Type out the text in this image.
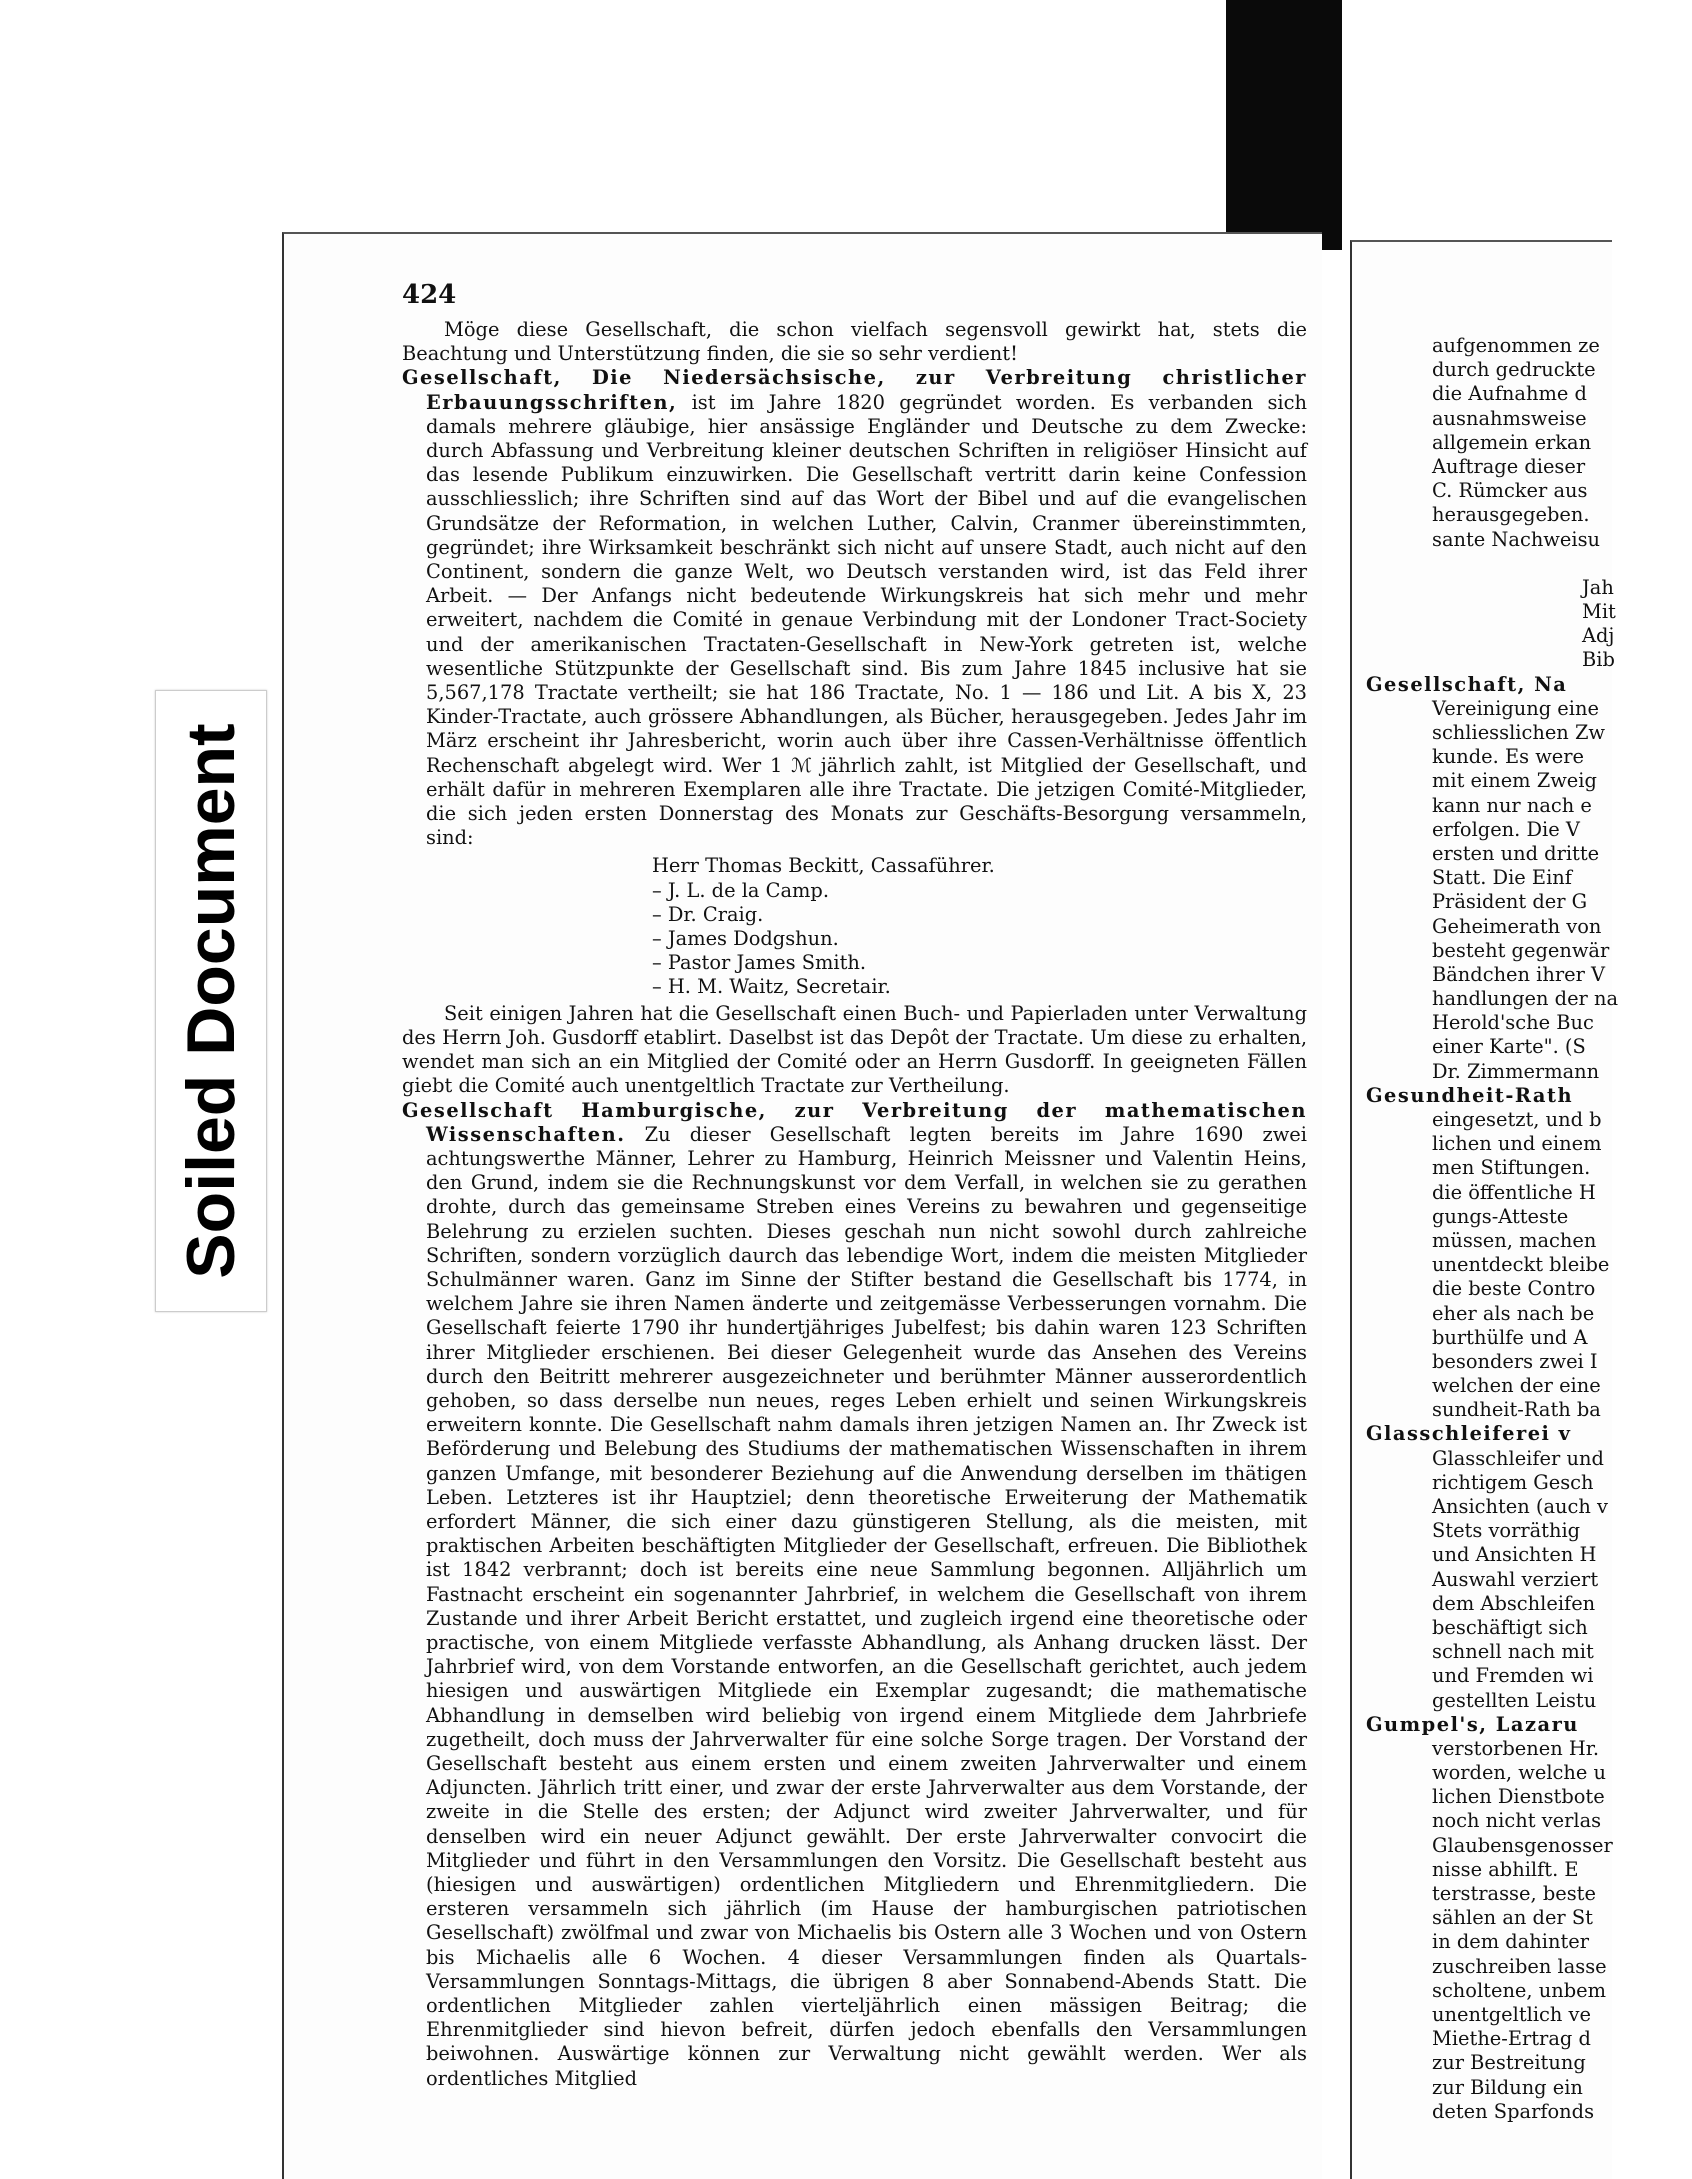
Soiled Document
424

Möge diese Gesellschaft, die schon vielfach segensvoll gewirkt hat, stets die Beachtung und Unterstützung finden, die sie so sehr verdient!

Gesellschaft, Die Niedersächsische, zur Verbreitung christlicher Erbauungsschriften, ist im Jahre 1820 gegründet worden. Es verbanden sich damals mehrere gläubige, hier ansässige Engländer und Deutsche zu dem Zwecke: durch Abfassung und Verbreitung kleiner deutschen Schriften in religiöser Hinsicht auf das lesende Publikum einzuwirken. Die Gesellschaft vertritt darin keine Confession ausschliesslich; ihre Schriften sind auf das Wort der Bibel und auf die evangelischen Grundsätze der Reformation, in welchen Luther, Calvin, Cranmer übereinstimmten, gegründet; ihre Wirksamkeit beschränkt sich nicht auf unsere Stadt, auch nicht auf den Continent, sondern die ganze Welt, wo Deutsch verstanden wird, ist das Feld ihrer Arbeit. — Der Anfangs nicht bedeutende Wirkungskreis hat sich mehr und mehr erweitert, nachdem die Comité in genaue Verbindung mit der Londoner Tract-Society und der amerikanischen Tractaten-Gesellschaft in New-York getreten ist, welche wesentliche Stützpunkte der Gesellschaft sind. Bis zum Jahre 1845 inclusive hat sie 5,567,178 Tractate vertheilt; sie hat 186 Tractate, No. 1 — 186 und Lit. A bis X, 23 Kinder-Tractate, auch grössere Abhandlungen, als Bücher, herausgegeben. Jedes Jahr im März erscheint ihr Jahresbericht, worin auch über ihre Cassen-Verhältnisse öffentlich Rechenschaft abgelegt wird. Wer 1 ℳ jährlich zahlt, ist Mitglied der Gesellschaft, und erhält dafür in mehreren Exemplaren alle ihre Tractate. Die jetzigen Comité-Mitglieder, die sich jeden ersten Donnerstag des Monats zur Geschäfts-Besorgung versammeln, sind:

Herr Thomas Beckitt, Cassaführer.
– J. L. de la Camp.
– Dr. Craig.
– James Dodgshun.
– Pastor James Smith.
– H. M. Waitz, Secretair.

Seit einigen Jahren hat die Gesellschaft einen Buch- und Papierladen unter Verwaltung des Herrn Joh. Gusdorff etablirt. Daselbst ist das Depôt der Tractate. Um diese zu erhalten, wendet man sich an ein Mitglied der Comité oder an Herrn Gusdorff. In geeigneten Fällen giebt die Comité auch unentgeltlich Tractate zur Vertheilung.

Gesellschaft Hamburgische, zur Verbreitung der mathematischen Wissenschaften. Zu dieser Gesellschaft legten bereits im Jahre 1690 zwei achtungswerthe Männer, Lehrer zu Hamburg, Heinrich Meissner und Valentin Heins, den Grund, indem sie die Rechnungskunst vor dem Verfall, in welchen sie zu gerathen drohte, durch das gemeinsame Streben eines Vereins zu bewahren und gegenseitige Belehrung zu erzielen suchten. Dieses geschah nun nicht sowohl durch zahlreiche Schriften, sondern vorzüglich daurch das lebendige Wort, indem die meisten Mitglieder Schulmänner waren. Ganz im Sinne der Stifter bestand die Gesellschaft bis 1774, in welchem Jahre sie ihren Namen änderte und zeitgemässe Verbesserungen vornahm. Die Gesellschaft feierte 1790 ihr hundertjähriges Jubelfest; bis dahin waren 123 Schriften ihrer Mitglieder erschienen. Bei dieser Gelegenheit wurde das Ansehen des Vereins durch den Beitritt mehrerer ausgezeichneter und berühmter Männer ausserordentlich gehoben, so dass derselbe nun neues, reges Leben erhielt und seinen Wirkungskreis erweitern konnte. Die Gesellschaft nahm damals ihren jetzigen Namen an. Ihr Zweck ist Beförderung und Belebung des Studiums der mathematischen Wissenschaften in ihrem ganzen Umfange, mit besonderer Beziehung auf die Anwendung derselben im thätigen Leben. Letzteres ist ihr Hauptziel; denn theoretische Erweiterung der Mathematik erfordert Männer, die sich einer dazu günstigeren Stellung, als die meisten, mit praktischen Arbeiten beschäftigten Mitglieder der Gesellschaft, erfreuen. Die Bibliothek ist 1842 verbrannt; doch ist bereits eine neue Sammlung begonnen. Alljährlich um Fastnacht erscheint ein sogenannter Jahrbrief, in welchem die Gesellschaft von ihrem Zustande und ihrer Arbeit Bericht erstattet, und zugleich irgend eine theoretische oder practische, von einem Mitgliede verfasste Abhandlung, als Anhang drucken lässt. Der Jahrbrief wird, von dem Vorstande entworfen, an die Gesellschaft gerichtet, auch jedem hiesigen und auswärtigen Mitgliede ein Exemplar zugesandt; die mathematische Abhandlung in demselben wird beliebig von irgend einem Mitgliede dem Jahrbriefe zugetheilt, doch muss der Jahrverwalter für eine solche Sorge tragen. Der Vorstand der Gesellschaft besteht aus einem ersten und einem zweiten Jahrverwalter und einem Adjuncten. Jährlich tritt einer, und zwar der erste Jahrverwalter aus dem Vorstande, der zweite in die Stelle des ersten; der Adjunct wird zweiter Jahrverwalter, und für denselben wird ein neuer Adjunct gewählt. Der erste Jahrverwalter convocirt die Mitglieder und führt in den Versammlungen den Vorsitz. Die Gesellschaft besteht aus (hiesigen und auswärtigen) ordentlichen Mitgliedern und Ehrenmitgliedern. Die ersteren versammeln sich jährlich (im Hause der hamburgischen patriotischen Gesellschaft) zwölfmal und zwar von Michaelis bis Ostern alle 3 Wochen und von Ostern bis Michaelis alle 6 Wochen. 4 dieser Versammlungen finden als Quartals-Versammlungen Sonntags-Mittags, die übrigen 8 aber Sonnabend-Abends Statt. Die ordentlichen Mitglieder zahlen vierteljährlich einen mässigen Beitrag; die Ehrenmitglieder sind hievon befreit, dürfen jedoch ebenfalls den Versammlungen beiwohnen. Auswärtige können zur Verwaltung nicht gewählt werden. Wer als ordentliches Mitglied

aufgenommen ze
durch gedruckte
die Aufnahme d
ausnahmsweise
allgemein erkan
Auftrage dieser
C. Rümcker aus
herausgegeben.
sante Nachweisu
Jah
Mit
Adj
Bib
Gesellschaft, Na
Vereinigung eine
schliesslichen Zw
kunde. Es were
mit einem Zweig
kann nur nach e
erfolgen. Die V
ersten und dritte
Statt. Die Einf
Präsident der G
Geheimerath von
besteht gegenwär
Bändchen ihrer V
handlungen der na
Herold'sche Buc
einer Karte". (S
Dr. Zimmermann
Gesundheit-Rath
eingesetzt, und b
lichen und einem
men Stiftungen.
die öffentliche H
gungs-Atteste
müssen, machen
unentdeckt bleibe
die beste Contro
eher als nach be
burthülfe und A
besonders zwei I
welchen der eine
sundheit-Rath ba
Glasschleiferei v
Glasschleifer und
richtigem Gesch
Ansichten (auch v
Stets vorräthig
und Ansichten H
Auswahl verziert
dem Abschleifen
beschäftigt sich
schnell nach mit
und Fremden wi
gestellten Leistu
Gumpel's, Lazaru
verstorbenen Hr.
worden, welche u
lichen Dienstbote
noch nicht verlas
Glaubensgenosser
nisse abhilft. E
terstrasse, beste
sählen an der St
in dem dahinter
zuschreiben lasse
scholtene, unbem
unentgeltlich ve
Miethe-Ertrag d
zur Bestreitung
zur Bildung ein
deten Sparfonds
